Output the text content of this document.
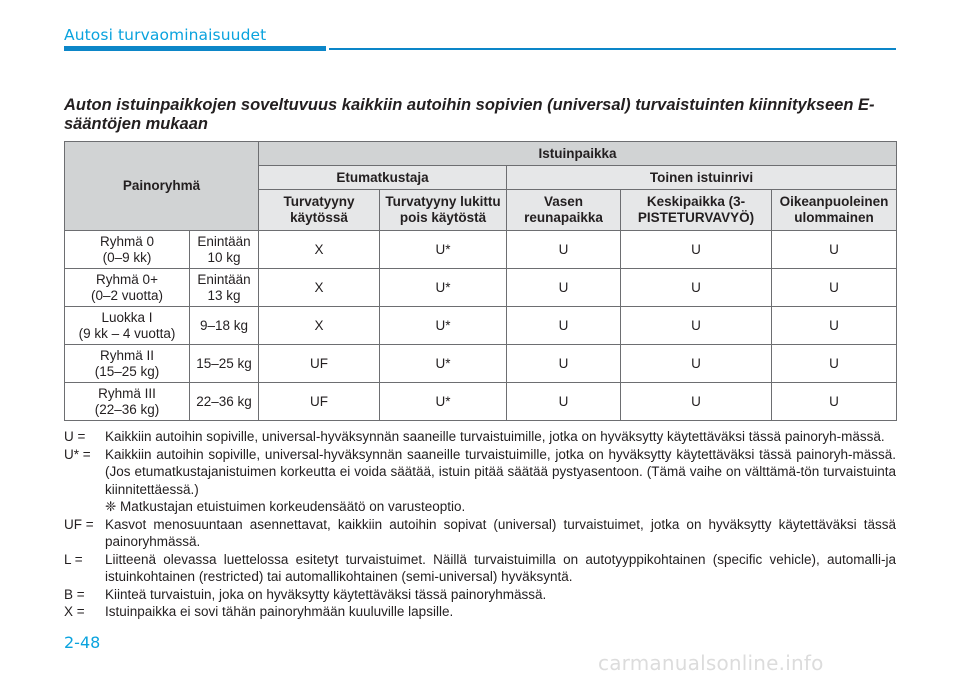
Autosi turvaominaisuudet
Auton istuinpaikkojen soveltuvuus kaikkiin autoihin sopivien (universal) turvaistuinten kiinnitykseen E-sääntöjen mukaan
Painoryhmä		Istuinpaikka				
		Etumatkustaja		Toinen istuinrivi		
		Turvatyyny käytössä	Turvatyyny lukittu pois käytöstä	Vasen reunapaikka	Keskipaikka (3-PISTETURVAVYÖ)	Oikeanpuoleinen ulommainen
Ryhmä 0
(0–9 kk)	Enintään 10 kg	X	U*	U	U	U
Ryhmä 0+
(0–2 vuotta)	Enintään 13 kg	X	U*	U	U	U
Luokka I
(9 kk – 4 vuotta)	9–18 kg	X	U*	U	U	U
Ryhmä II
(15–25 kg)	15–25 kg	UF	U*	U	U	U
Ryhmä III
(22–36 kg)	22–36 kg	UF	U*	U	U	U
U =	Kaikkiin autoihin sopiville, universal-hyväksynnän saaneille turvaistuimille, jotka on hyväksytty käytettäväksi tässä painoryh-mässä.
U* =	Kaikkiin autoihin sopiville, universal-hyväksynnän saaneille turvaistuimille, jotka on hyväksytty käytettäväksi tässä painoryh-mässä. (Jos etumatkustajanistuimen korkeutta ei voida säätää, istuin pitää säätää pystyasentoon. (Tämä vaihe on välttämä-tön turvaistuinta kiinnitettäessä.)
❈ Matkustajan etuistuimen korkeudensäätö on varusteoptio.
UF = Kasvot menosuuntaan asennettavat, kaikkiin autoihin sopivat (universal) turvaistuimet, jotka on hyväksytty käytettäväksi tässä painoryhmässä.
L =	Liitteenä olevassa luettelossa esitetyt turvaistuimet. Näillä turvaistuimilla on autotyyppikohtainen (specific vehicle), automalli-ja istuinkohtainen (restricted) tai automallikohtainen (semi-universal) hyväksyntä.
B =	Kiinteä turvaistuin, joka on hyväksytty käytettäväksi tässä painoryhmässä.
X =	Istuinpaikka ei sovi tähän painoryhmään kuuluville lapsille.
2-48
carmanualsonline.info
